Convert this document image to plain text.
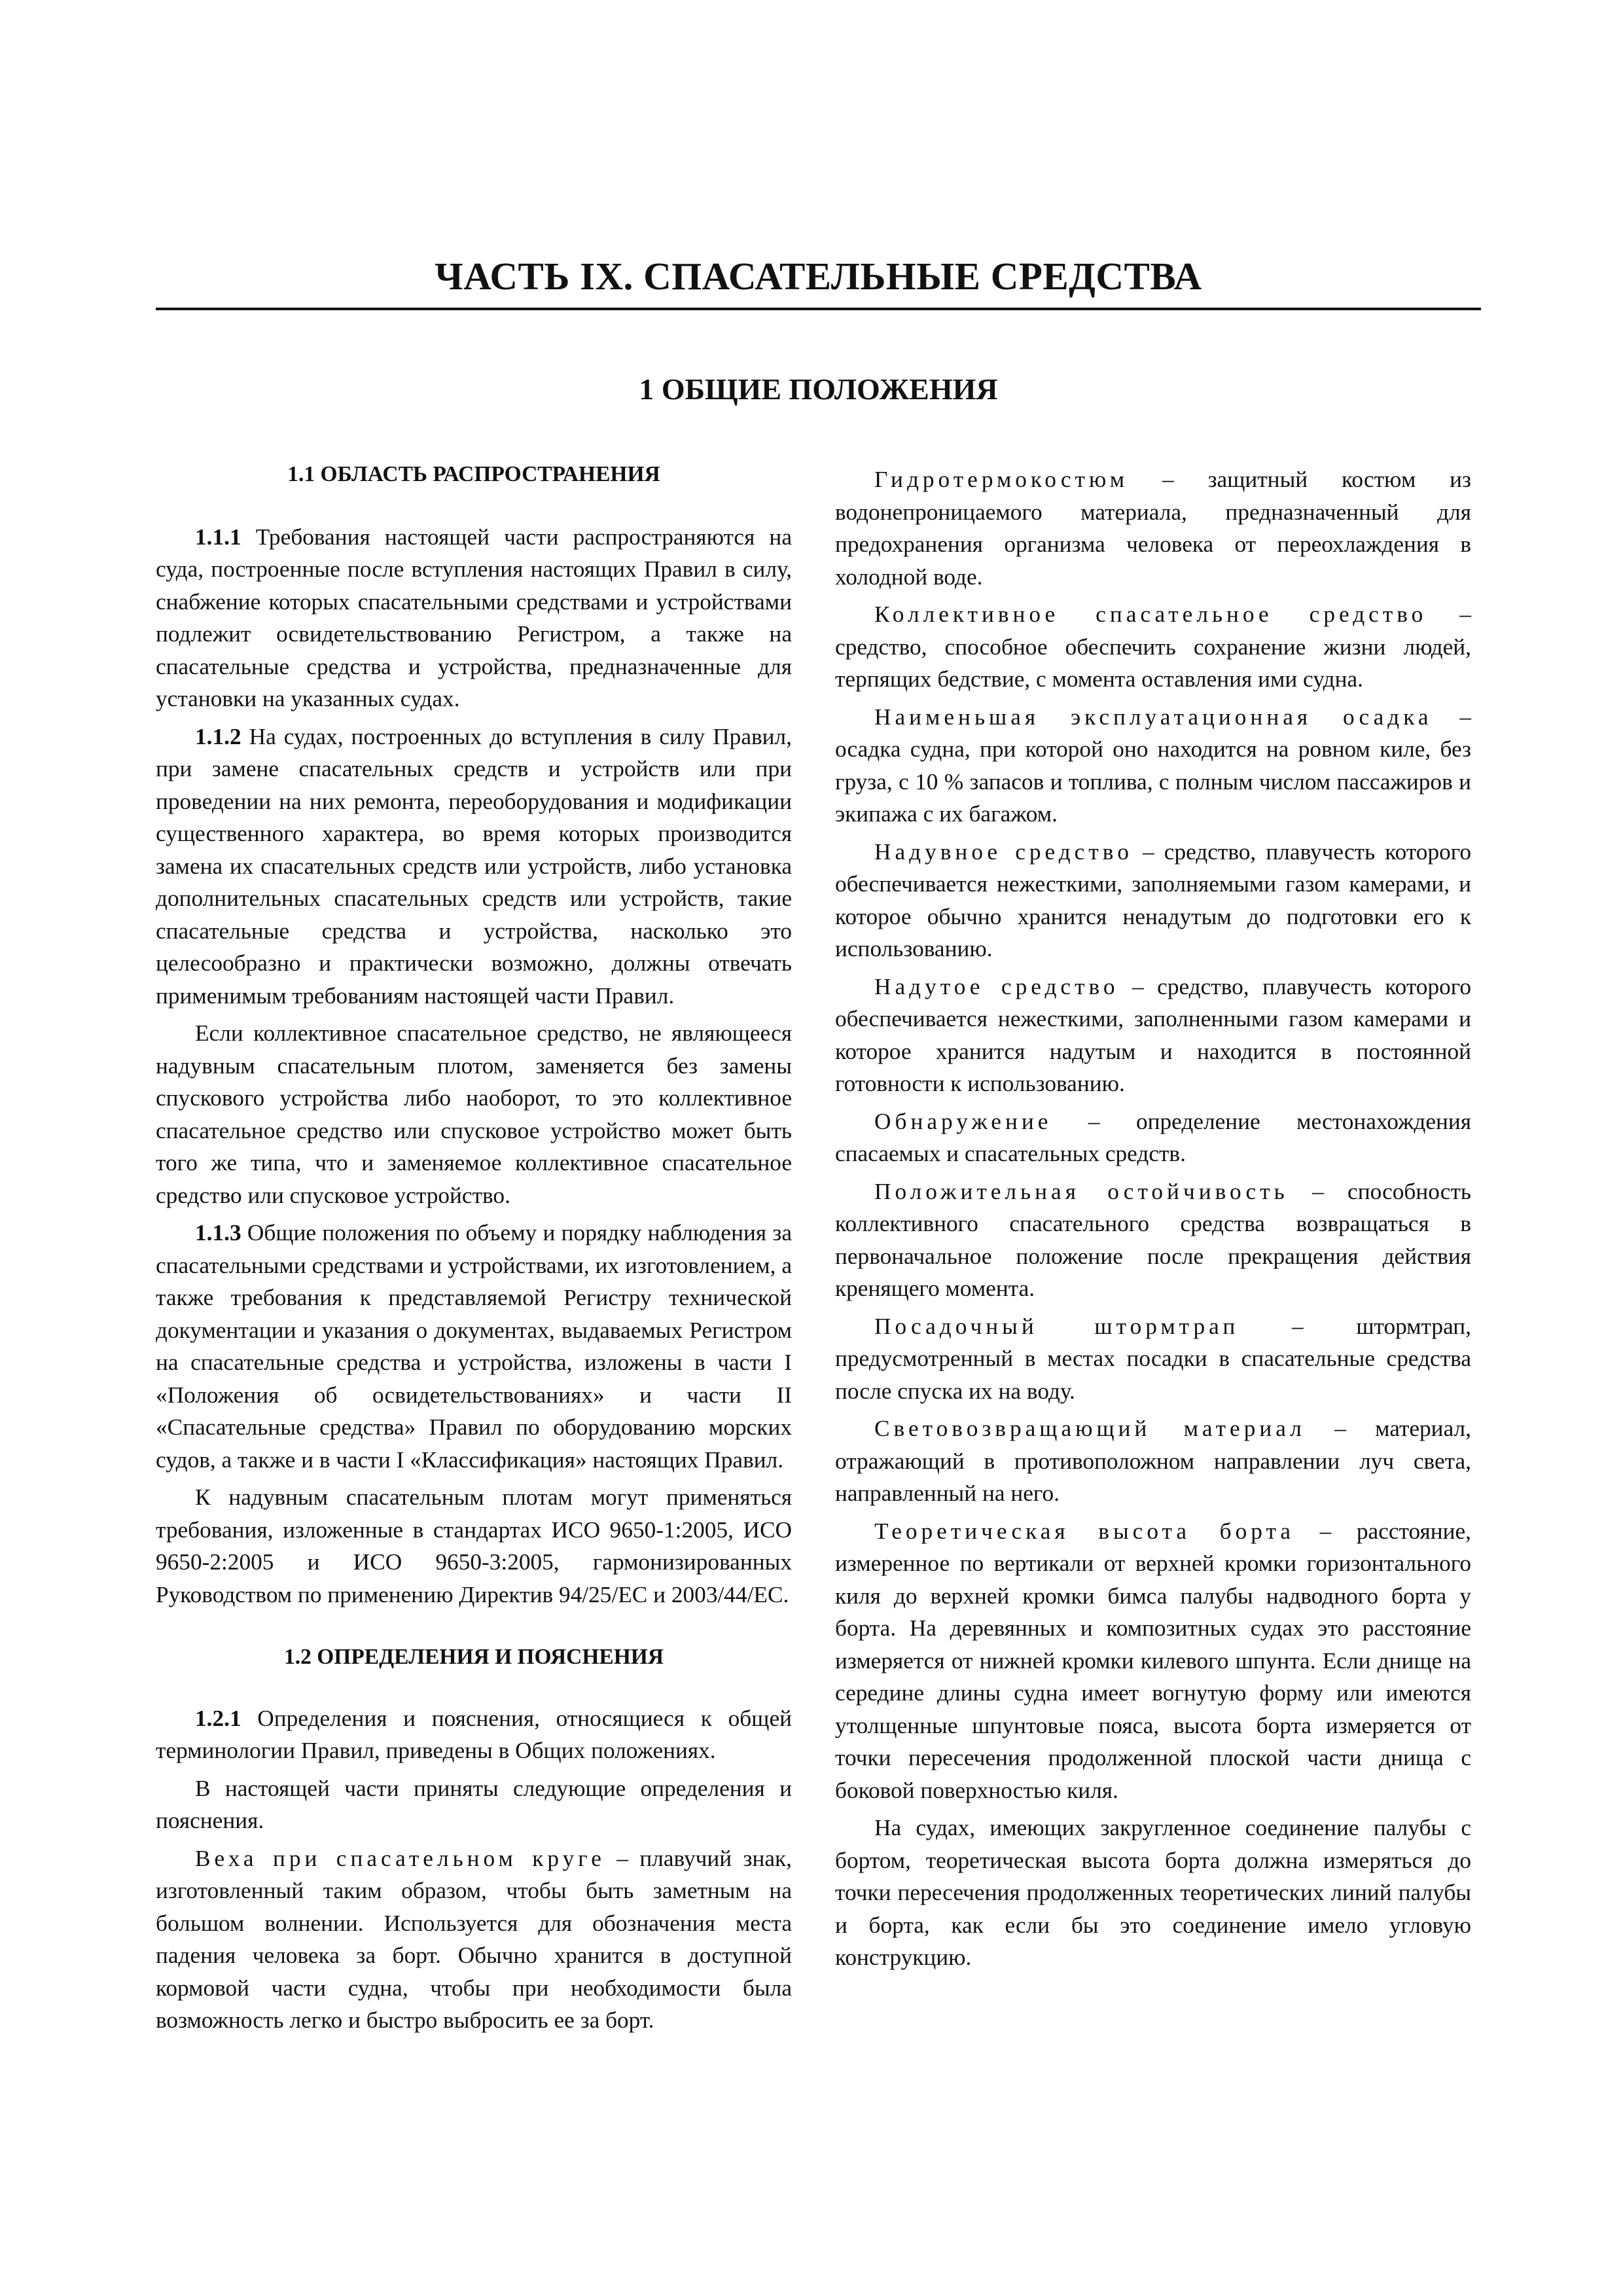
ЧАСТЬ IX. СПАСАТЕЛЬНЫЕ СРЕДСТВА
1 ОБЩИЕ ПОЛОЖЕНИЯ
1.1 ОБЛАСТЬ РАСПРОСТРАНЕНИЯ

1.1.1 Требования настоящей части распространяются на суда, построенные после вступления настоящих Правил в силу, снабжение которых спасательными средствами и устройствами подлежит освидетельствованию Регистром, а также на спасательные средства и устройства, предназначенные для установки на указанных судах.

1.1.2 На судах, построенных до вступления в силу Правил, при замене спасательных средств и устройств или при проведении на них ремонта, переоборудования и модификации существенного характера, во время которых производится замена их спасательных средств или устройств, либо установка дополнительных спасательных средств или устройств, такие спасательные средства и устройства, насколько это целесообразно и практически возможно, должны отвечать применимым требованиям настоящей части Правил.

Если коллективное спасательное средство, не являющееся надувным спасательным плотом, заменяется без замены спускового устройства либо наоборот, то это коллективное спасательное средство или спусковое устройство может быть того же типа, что и заменяемое коллективное спасательное средство или спусковое устройство.

1.1.3 Общие положения по объему и порядку наблюдения за спасательными средствами и устройствами, их изготовлением, а также требования к представляемой Регистру технической документации и указания о документах, выдаваемых Регистром на спасательные средства и устройства, изложены в части I «Положения об освидетельствованиях» и части II «Спасательные средства» Правил по оборудованию морских судов, а также и в части I «Классификация» настоящих Правил.

К надувным спасательным плотам могут применяться требования, изложенные в стандартах ИСО 9650-1:2005, ИСО 9650-2:2005 и ИСО 9650-3:2005, гармонизированных Руководством по применению Директив 94/25/ЕС и 2003/44/ЕС.

1.2 ОПРЕДЕЛЕНИЯ И ПОЯСНЕНИЯ

1.2.1 Определения и пояснения, относящиеся к общей терминологии Правил, приведены в Общих положениях.

В настоящей части приняты следующие определения и пояснения.

Веха при спасательном круге – плавучий знак, изготовленный таким образом, чтобы быть заметным на большом волнении. Используется для обозначения места падения человека за борт. Обычно хранится в доступной кормовой части судна, чтобы при необходимости была возможность легко и быстро выбросить ее за борт.

Гидротермокостюм – защитный костюм из водонепроницаемого материала, предназначенный для предохранения организма человека от переохлаждения в холодной воде.

Коллективное спасательное средство – средство, способное обеспечить сохранение жизни людей, терпящих бедствие, с момента оставления ими судна.

Наименьшая эксплуатационная осадка – осадка судна, при которой оно находится на ровном киле, без груза, с 10 % запасов и топлива, с полным числом пассажиров и экипажа с их багажом.

Надувное средство – средство, плавучесть которого обеспечивается нежесткими, заполняемыми газом камерами, и которое обычно хранится ненадутым до подготовки его к использованию.

Надутое средство – средство, плавучесть которого обеспечивается нежесткими, заполненными газом камерами и которое хранится надутым и находится в постоянной готовности к использованию.

Обнаружение – определение местонахождения спасаемых и спасательных средств.

Положительная остойчивость – способность коллективного спасательного средства возвращаться в первоначальное положение после прекращения действия кренящего момента.

Посадочный штормтрап – штормтрап, предусмотренный в местах посадки в спасательные средства после спуска их на воду.

Световозвращающий материал – материал, отражающий в противоположном направлении луч света, направленный на него.

Теоретическая высота борта – расстояние, измеренное по вертикали от верхней кромки горизонтального киля до верхней кромки бимса палубы надводного борта у борта. На деревянных и композитных судах это расстояние измеряется от нижней кромки килевого шпунта. Если днище на середине длины судна имеет вогнутую форму или имеются утолщенные шпунтовые пояса, высота борта измеряется от точки пересечения продолженной плоской части днища с боковой поверхностью киля.

На судах, имеющих закругленное соединение палубы с бортом, теоретическая высота борта должна измеряться до точки пересечения продолженных теоретических линий палубы и борта, как если бы это соединение имело угловую конструкцию.
